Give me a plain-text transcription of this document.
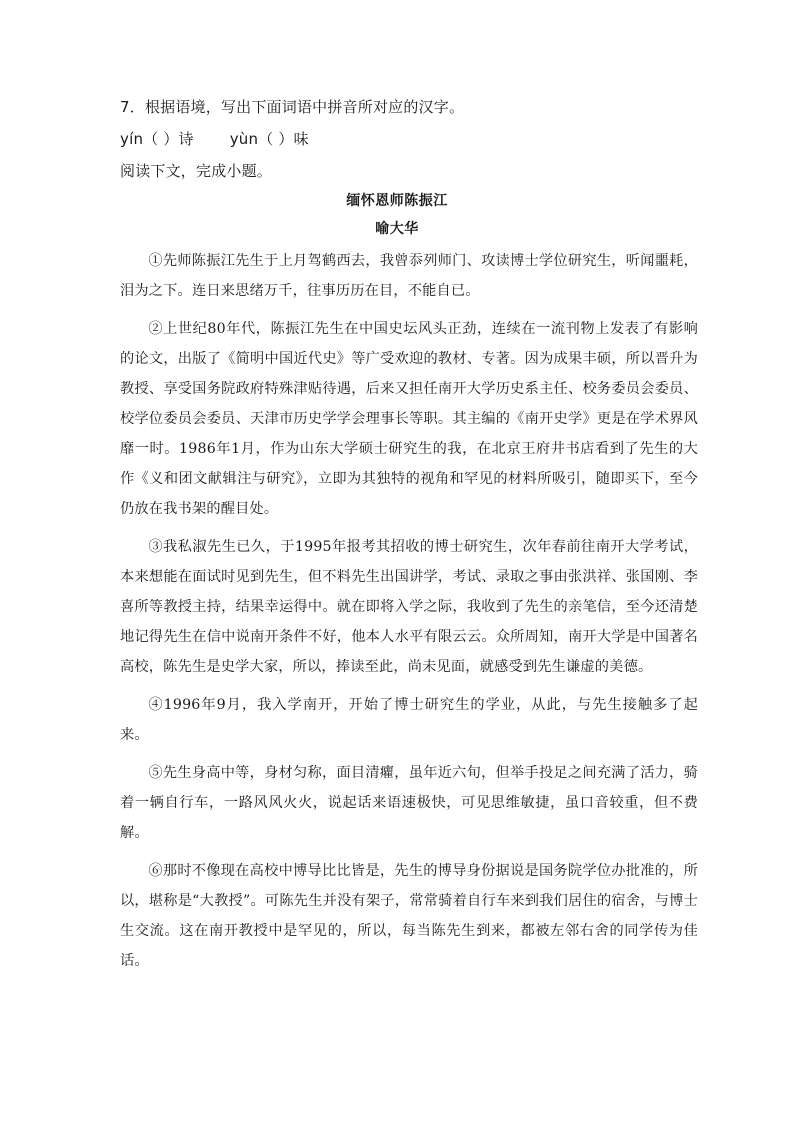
7．根据语境，写出下面词语中拼音所对应的汉字。
yín（ ）诗 yùn（ ）味
阅读下文，完成小题。
缅怀恩师陈振江
喻大华

①先师陈振江先生于上月驾鹤西去，我曾忝列师门、攻读博士学位研究生，听闻噩耗，泪为之下。连日来思绪万千，往事历历在目，不能自已。

②上世纪80年代，陈振江先生在中国史坛风头正劲，连续在一流刊物上发表了有影响的论文，出版了《简明中国近代史》等广受欢迎的教材、专著。因为成果丰硕，所以晋升为教授、享受国务院政府特殊津贴待遇，后来又担任南开大学历史系主任、校务委员会委员、校学位委员会委员、天津市历史学学会理事长等职。其主编的《南开史学》更是在学术界风靡一时。1986年1月，作为山东大学硕士研究生的我，在北京王府井书店看到了先生的大作《义和团文献辑注与研究》，立即为其独特的视角和罕见的材料所吸引，随即买下，至今仍放在我书架的醒目处。

③我私淑先生已久，于1995年报考其招收的博士研究生，次年春前往南开大学考试，本来想能在面试时见到先生，但不料先生出国讲学，考试、录取之事由张洪祥、张国刚、李喜所等教授主持，结果幸运得中。就在即将入学之际，我收到了先生的亲笔信，至今还清楚地记得先生在信中说南开条件不好，他本人水平有限云云。众所周知，南开大学是中国著名高校，陈先生是史学大家，所以，捧读至此，尚未见面，就感受到先生谦虚的美德。

④1996年9月，我入学南开，开始了博士研究生的学业，从此，与先生接触多了起来。

⑤先生身高中等，身材匀称，面目清癯，虽年近六旬，但举手投足之间充满了活力，骑着一辆自行车，一路风风火火，说起话来语速极快，可见思维敏捷，虽口音较重，但不费解。

⑥那时不像现在高校中博导比比皆是，先生的博导身份据说是国务院学位办批准的，所以，堪称是“大教授”。可陈先生并没有架子，常常骑着自行车来到我们居住的宿舍，与博士生交流。这在南开教授中是罕见的，所以，每当陈先生到来，都被左邻右舍的同学传为佳话。
